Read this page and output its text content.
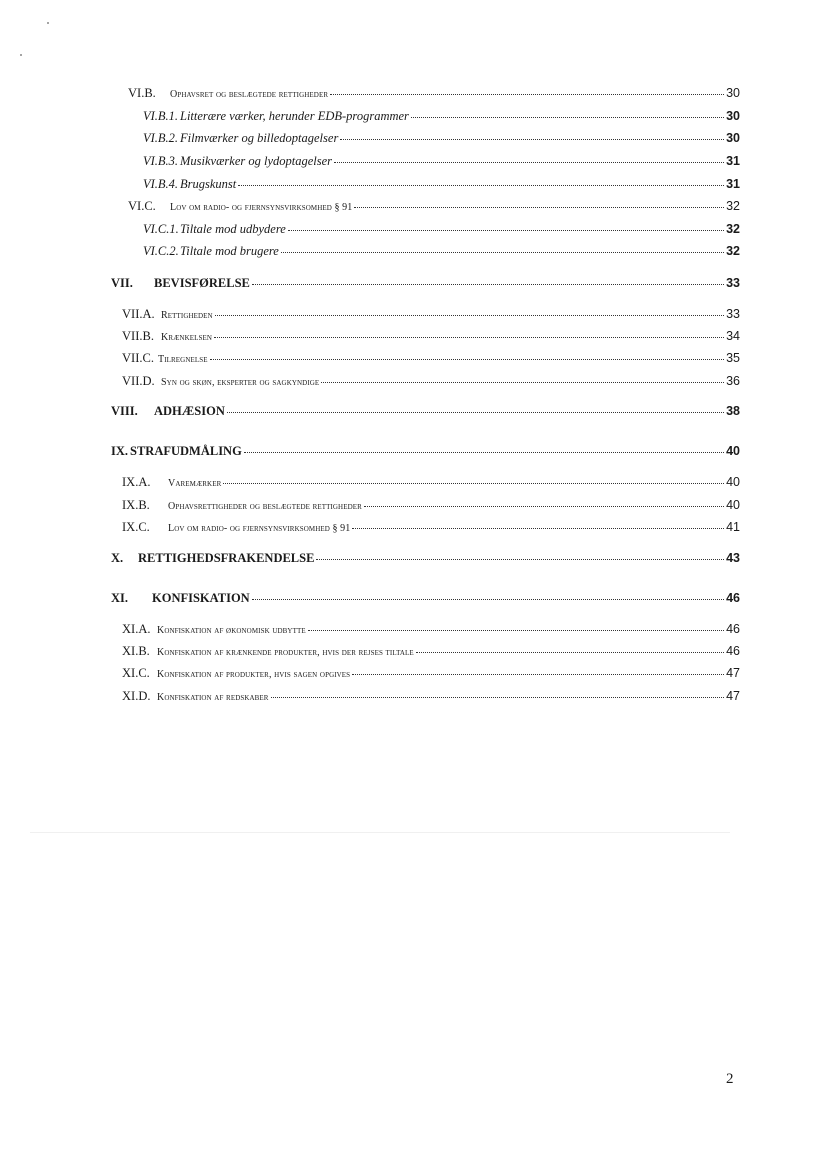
VI.B.	Ophavsret og beslægtede rettigheder	30
VI.B.1. Litterære værker, herunder EDB-programmer	30
VI.B.2. Filmværker og billedoptagelser	30
VI.B.3. Musikværker og lydoptagelser	31
VI.B.4. Brugskunst	31
VI.C.	Lov om radio- og fjernsynsvirksomhed § 91	32
VI.C.1. Tiltale mod udbydere	32
VI.C.2. Tiltale mod brugere	32
VII.	BEVISFØRELSE	33
VII.A. Rettigheden	33
VII.B. Krænkelsen	34
VII.C. Tilregnelse	35
VII.D. Syn og skøn, eksperter og sagkyndige	36
VIII.	ADHÆSION	38
IX. STRAFUDMÅLING	40
IX.A.	Varemærker	40
IX.B.	Ophavsrettigheder og beslægtede rettigheder	40
IX.C.	Lov om radio- og fjernsynsvirksomhed § 91	41
X.	RETTIGHEDSFRAKENDELSE	43
XI.	KONFISKATION	46
XI.A. Konfiskation af økonomisk udbytte	46
XI.B. Konfiskation af krænkende produkter, hvis der rejses tiltale	46
XI.C. Konfiskation af produkter, hvis sagen opgives	47
XI.D. Konfiskation af redskaber	47
2
